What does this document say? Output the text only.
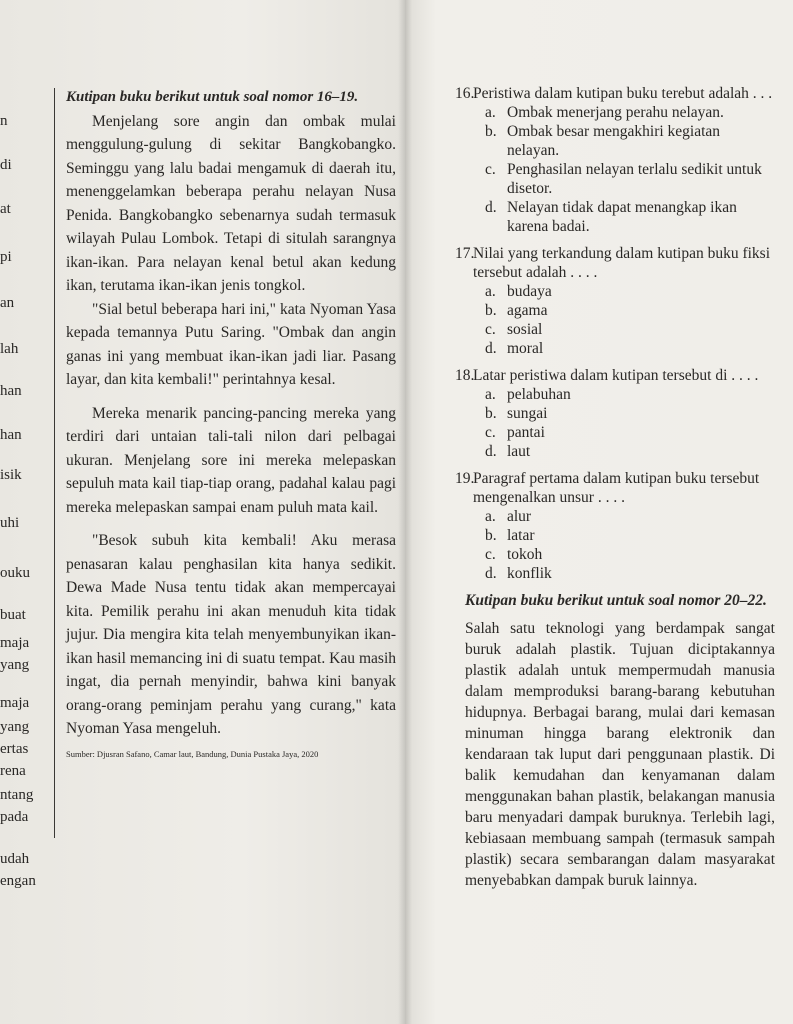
n
di
at
pi
an
lah
han
han
isik
uhi
ouku
buat
maja
yang
maja
yang
ertas
rena
ntang
pada
udah
engan
Kutipan buku berikut untuk soal nomor 16–19.

Menjelang sore angin dan ombak mulai menggulung-gulung di sekitar Bangkobangko. Seminggu yang lalu badai mengamuk di daerah itu, menenggelamkan beberapa perahu nelayan Nusa Penida. Bangkobangko sebenarnya sudah termasuk wilayah Pulau Lombok. Tetapi di situlah sarangnya ikan-ikan. Para nelayan kenal betul akan kedung ikan, terutama ikan-ikan jenis tongkol.

"Sial betul beberapa hari ini," kata Nyoman Yasa kepada temannya Putu Saring. "Ombak dan angin ganas ini yang membuat ikan-ikan jadi liar. Pasang layar, dan kita kembali!" perintahnya kesal.

Mereka menarik pancing-pancing mereka yang terdiri dari untaian tali-tali nilon dari pelbagai ukuran. Menjelang sore ini mereka melepaskan sepuluh mata kail tiap-tiap orang, padahal kalau pagi mereka melepaskan sampai enam puluh mata kail.

"Besok subuh kita kembali! Aku merasa penasaran kalau penghasilan kita hanya sedikit. Dewa Made Nusa tentu tidak akan mempercayai kita. Pemilik perahu ini akan menuduh kita tidak jujur. Dia mengira kita telah menyembunyikan ikan-ikan hasil memancing ini di suatu tempat. Kau masih ingat, dia pernah menyindir, bahwa kini banyak orang-orang peminjam perahu yang curang," kata Nyoman Yasa mengeluh.

Sumber: Djusran Safano, Camar laut, Bandung, Dunia Pustaka Jaya, 2020
16.
Peristiwa dalam kutipan buku terebut adalah . . .
a. Ombak menerjang perahu nelayan.
b. Ombak besar mengakhiri kegiatan nelayan.
c. Penghasilan nelayan terlalu sedikit untuk disetor.
d. Nelayan tidak dapat menangkap ikan karena badai.
17.
Nilai yang terkandung dalam kutipan buku fiksi tersebut adalah . . . .
a. budaya
b. agama
c. sosial
d. moral
18.
Latar peristiwa dalam kutipan tersebut di . . . .
a. pelabuhan
b. sungai
c. pantai
d. laut
19.
Paragraf pertama dalam kutipan buku tersebut mengenalkan unsur . . . .
a. alur
b. latar
c. tokoh
d. konflik
Kutipan buku berikut untuk soal nomor 20–22.
Salah satu teknologi yang berdampak sangat buruk adalah plastik. Tujuan diciptakannya plastik adalah untuk mempermudah manusia dalam memproduksi barang-barang kebutuhan hidupnya. Berbagai barang, mulai dari kemasan minuman hingga barang elektronik dan kendaraan tak luput dari penggunaan plastik. Di balik kemudahan dan kenyamanan dalam menggunakan bahan plastik, belakangan manusia baru menyadari dampak buruknya. Terlebih lagi, kebiasaan membuang sampah (termasuk sampah plastik) secara sembarangan dalam masyarakat menyebabkan dampak buruk lainnya.
